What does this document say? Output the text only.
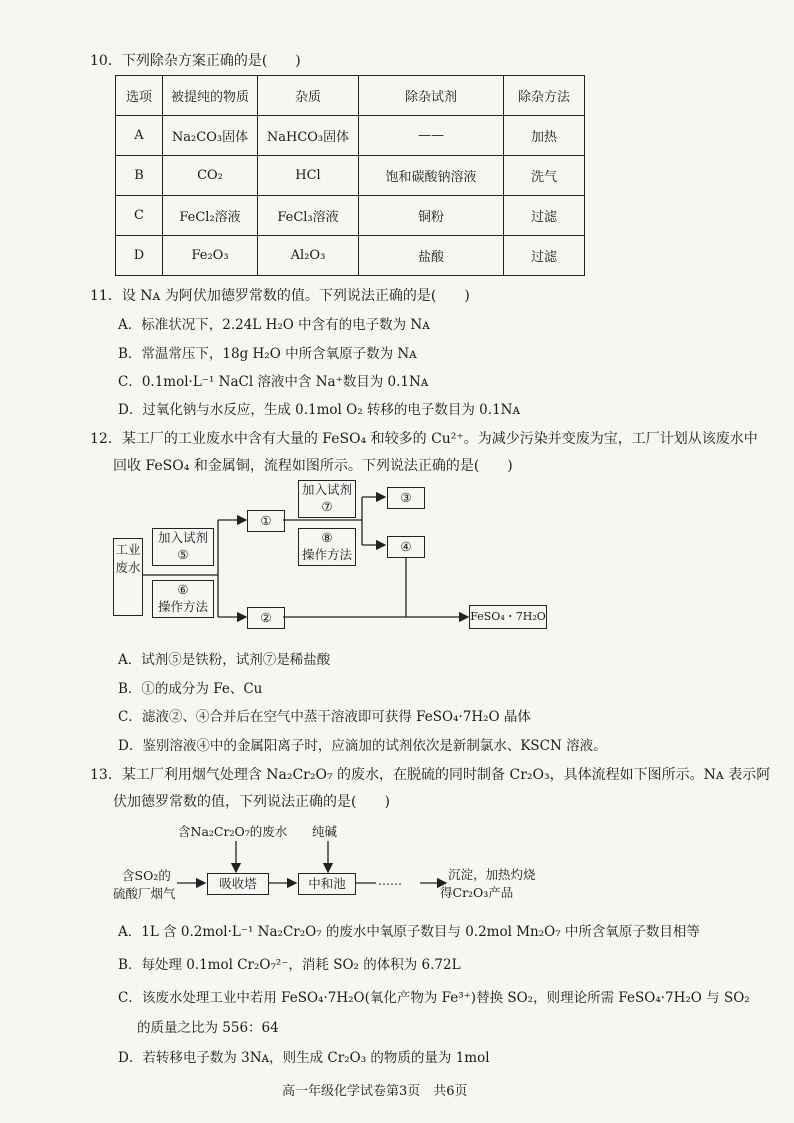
10．下列除杂方案正确的是(　　)
选项	被提纯的物质	杂质	除杂试剂	除杂方法
A	Na₂CO₃固体	NaHCO₃固体	——	加热
B	CO₂	HCl	饱和碳酸钠溶液	洗气
C	FeCl₂溶液	FeCl₃溶液	铜粉	过滤
D	Fe₂O₃	Al₂O₃	盐酸	过滤
11．设 Nᴀ 为阿伏加德罗常数的值。下列说法正确的是(　　)
A．标准状况下，2.24L H₂O 中含有的电子数为 Nᴀ
B．常温常压下，18g H₂O 中所含氧原子数为 Nᴀ
C．0.1mol·L⁻¹ NaCl 溶液中含 Na⁺数目为 0.1Nᴀ
D．过氧化钠与水反应，生成 0.1mol O₂ 转移的电子数目为 0.1Nᴀ
12．某工厂的工业废水中含有大量的 FeSO₄ 和较多的 Cu²⁺。为减少污染并变废为宝，工厂计划从该废水中
回收 FeSO₄ 和金属铜，流程如图所示。下列说法正确的是(　　)
工业废水
加入试剂
⑤
⑥
操作方法
①
②
加入试剂
⑦
⑧
操作方法
③
④
FeSO₄・7H₂O
A．试剂⑤是铁粉，试剂⑦是稀盐酸
B．①的成分为 Fe、Cu
C．滤液②、④合并后在空气中蒸干溶液即可获得 FeSO₄·7H₂O 晶体
D．鉴别溶液④中的金属阳离子时，应滴加的试剂依次是新制氯水、KSCN 溶液。
13．某工厂利用烟气处理含 Na₂Cr₂O₇ 的废水，在脱硫的同时制备 Cr₂O₃，具体流程如下图所示。Nᴀ 表示阿
伏加德罗常数的值，下列说法正确的是(　　)
含Na₂Cr₂O₇的废水 纯碱
含SO₂的
硫酸厂烟气
吸收塔	中和池	……	沉淀，加热灼烧
得Cr₂O₃产品
A．1L 含 0.2mol·L⁻¹ Na₂Cr₂O₇ 的废水中氧原子数目与 0.2mol Mn₂O₇ 中所含氧原子数目相等
B．每处理 0.1mol Cr₂O₇²⁻，消耗 SO₂ 的体积为 6.72L
C．该废水处理工业中若用 FeSO₄·7H₂O(氧化产物为 Fe³⁺)替换 SO₂，则理论所需 FeSO₄·7H₂O 与 SO₂
的质量之比为 556：64
D．若转移电子数为 3Nᴀ，则生成 Cr₂O₃ 的物质的量为 1mol
高一年级化学试卷第3页　共6页
